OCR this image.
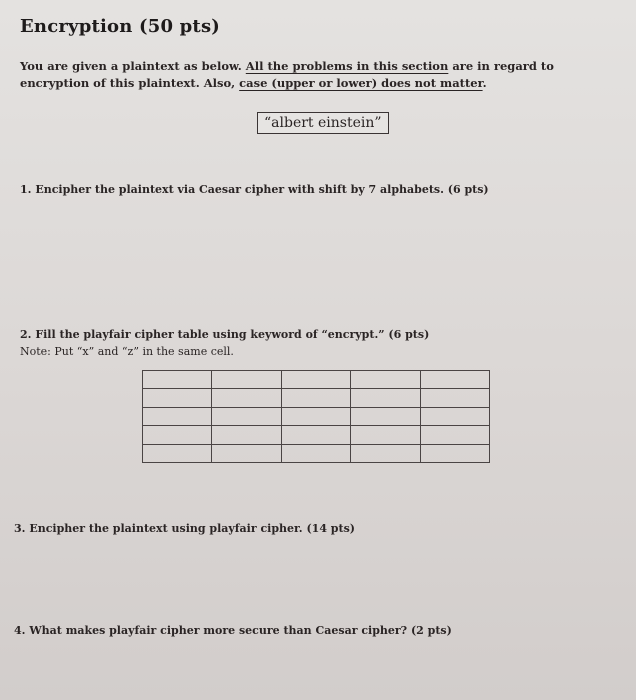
Encryption (50 pts)
You are given a plaintext as below. All the problems in this section are in regard to encryption of this plaintext. Also, case (upper or lower) does not matter.
“albert einstein”
1. Encipher the plaintext via Caesar cipher with shift by 7 alphabets. (6 pts)
2. Fill the playfair cipher table using keyword of “encrypt.” (6 pts)
Note: Put “x” and “z” in the same cell.

3. Encipher the plaintext using playfair cipher. (14 pts)
4. What makes playfair cipher more secure than Caesar cipher? (2 pts)
